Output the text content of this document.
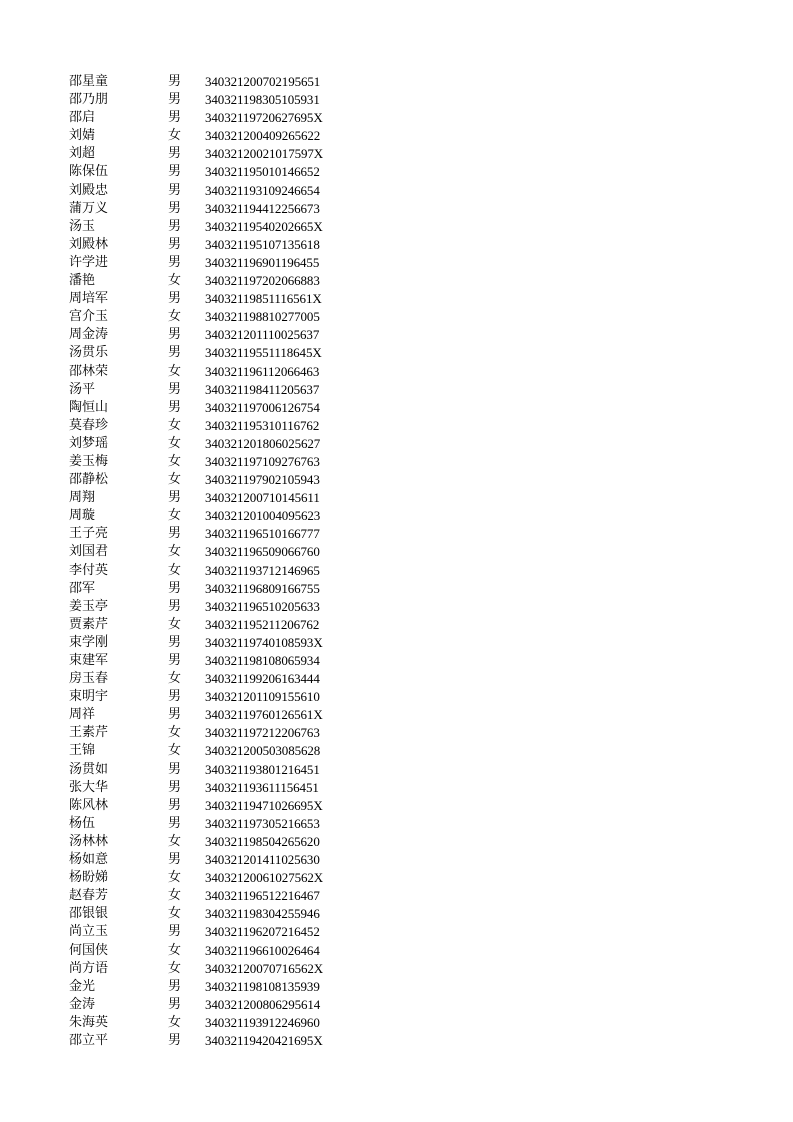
邵星童	男 340321200702195651
邵乃朋	男 340321198305105931
邵启	男 34032119720627695X
刘婧	女 340321200409265622
刘超	男 34032120021017597X
陈保伍	男 340321195010146652
刘殿忠	男 340321193109246654
蒲万义	男 340321194412256673
汤玉	男 34032119540202665X
刘殿林	男 340321195107135618
许学进	男 340321196901196455
潘艳	女 340321197202066883
周培军	男 34032119851116561X
宫介玉	女 340321198810277005
周金涛	男 340321201110025637
汤贯乐	男 34032119551118645X
邵林荣	女 340321196112066463
汤平	男 340321198411205637
陶恒山	男 340321197006126754
莫春珍	女 340321195310116762
刘梦瑶	女 340321201806025627
姜玉梅	女 340321197109276763
邵静松	女 340321197902105943
周翔	男 340321200710145611
周璇	女 340321201004095623
王子亮	男 340321196510166777
刘国君	女 340321196509066760
李付英	女 340321193712146965
邵军	男 340321196809166755
姜玉亭	男 340321196510205633
贾素芹	女 340321195211206762
束学刚	男 34032119740108593X
束建军	男 340321198108065934
房玉春	女 340321199206163444
束明宇	男 340321201109155610
周祥	男 34032119760126561X
王素芹	女 340321197212206763
王锦	女 340321200503085628
汤贯如	男 340321193801216451
张大华	男 340321193611156451
陈风林	男 34032119471026695X
杨伍	男 340321197305216653
汤林林	女 340321198504265620
杨如意	男 340321201411025630
杨盼娣	女 34032120061027562X
赵春芳	女 340321196512216467
邵银银	女 340321198304255946
尚立玉	男 340321196207216452
何国侠	女 340321196610026464
尚方语	女 34032120070716562X
金光	男 340321198108135939
金涛	男 340321200806295614
朱海英	女 340321193912246960
邵立平	男 34032119420421695X
